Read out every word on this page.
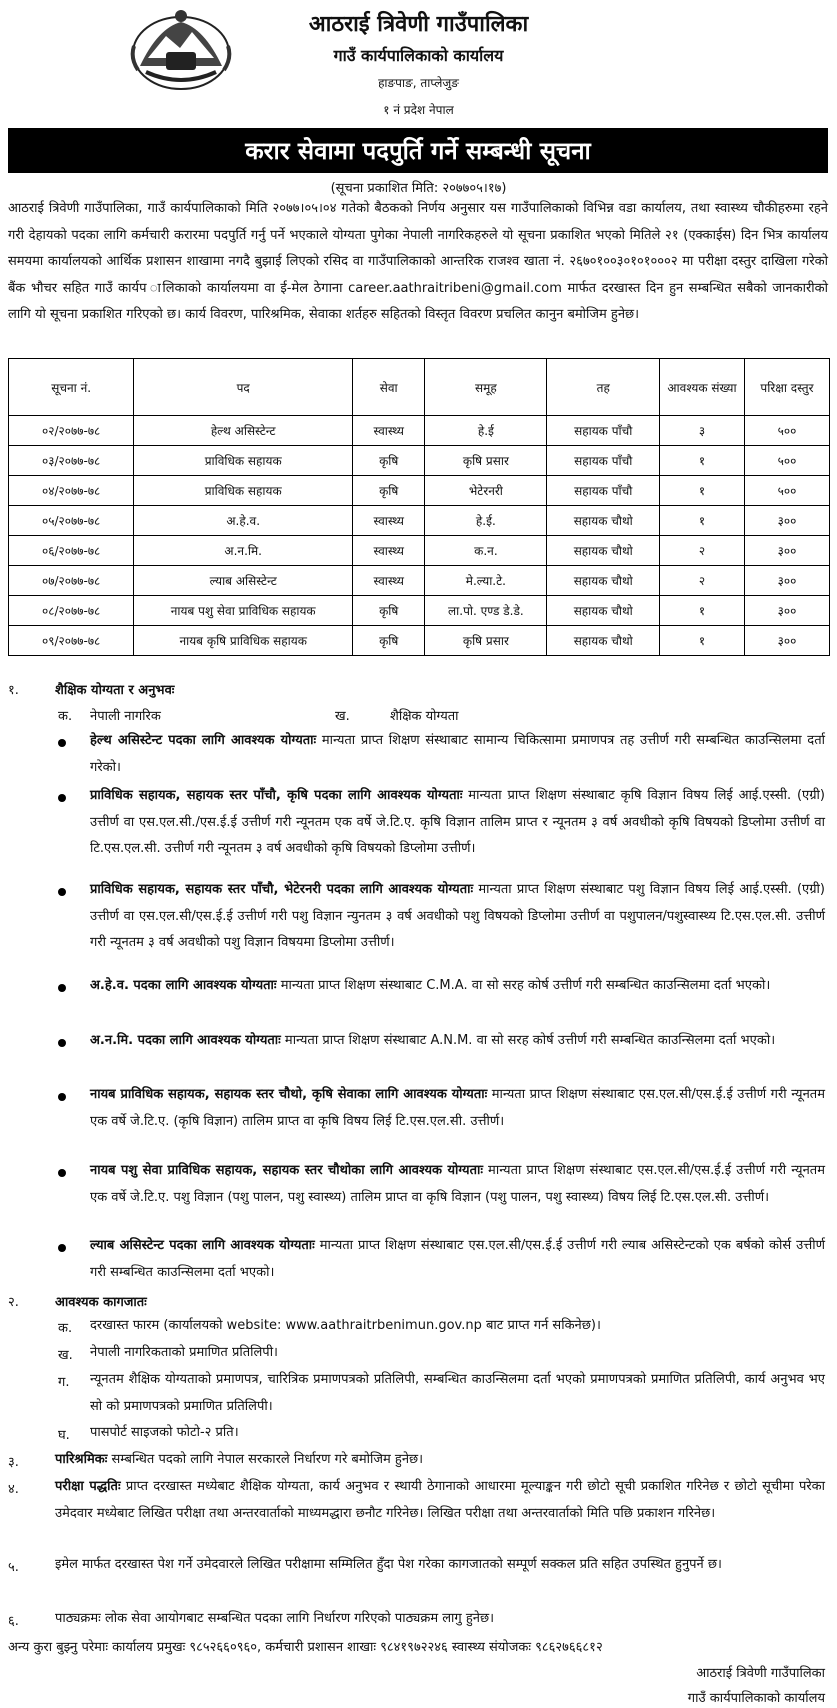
आठराई त्रिवेणी गाउँपालिका
गाउँ कार्यपालिकाको कार्यालय
हाङपाङ, ताप्लेजुङ
१ नं प्रदेश नेपाल
करार सेवामा पदपुर्ति गर्ने सम्बन्धी सूचना
(सूचना प्रकाशित मिति: २०७७०५।१७)
आठराई त्रिवेणी गाउँपालिका, गाउँ कार्यपालिकाको मिति २०७७।०५।०४ गतेको बैठकको निर्णय अनुसार यस गाउँपालिकाको विभिन्न वडा कार्यालय, तथा स्वास्थ्य चौकीहरुमा रहने गरी देहायको पदका लागि कर्मचारी करारमा पदपुर्ति गर्नु पर्ने भएकाले योग्यता पुगेका नेपाली नागरिकहरुले यो सूचना प्रकाशित भएको मितिले २१ (एक्काईस) दिन भित्र कार्यालय समयमा कार्यालयको आर्थिक प्रशासन शाखामा नगदै बुझाई लिएको रसिद वा गाउँपालिकाको आन्तरिक राजश्व खाता नं. २६७०१००३०१०१०००२ मा परीक्षा दस्तुर दाखिला गरेको बैंक भौचर सहित गाउँ कार्यप ालिकाको कार्यालयमा वा ई-मेल ठेगाना career.aathraitribeni@gmail.com मार्फत दरखास्त दिन हुन सम्बन्धित सबैको जानकारीको लागि यो सूचना प्रकाशित गरिएको छ। कार्य विवरण, पारिश्रमिक, सेवाका शर्तहरु सहितको विस्तृत विवरण प्रचलित कानुन बमोजिम हुनेछ।
सूचना नं.	पद	सेवा	समूह	तह	आवश्यक संख्या	परिक्षा दस्तुर
०२/२०७७-७८	हेल्थ असिस्टेन्ट	स्वास्थ्य	हे.ई	सहायक पाँचौ	३	५००
०३/२०७७-७८	प्राविधिक सहायक	कृषि	कृषि प्रसार	सहायक पाँचौ	१	५००
०४/२०७७-७८	प्राविधिक सहायक	कृषि	भेटेरनरी	सहायक पाँचौ	१	५००
०५/२०७७-७८	अ.हे.व.	स्वास्थ्य	हे.ई.	सहायक चौथो	१	३००
०६/२०७७-७८	अ.न.मि.	स्वास्थ्य	क.न.	सहायक चौथो	२	३००
०७/२०७७-७८	ल्याब असिस्टेन्ट	स्वास्थ्य	मे.ल्या.टे.	सहायक चौथो	२	३००
०८/२०७७-७८	नायब पशु सेवा प्राविधिक सहायक	कृषि	ला.पो. एण्ड डे.डे.	सहायक चौथो	१	३००
०९/२०७७-७८	नायब कृषि प्राविधिक सहायक	कृषि	कृषि प्रसार	सहायक चौथो	१	३००
१.	शैक्षिक योग्यता र अनुभवः
क. नेपाली नागरिक	ख.	शैक्षिक योग्यता
हेल्थ असिस्टेन्ट पदका लागि आवश्यक योग्यताः मान्यता प्राप्त शिक्षण संस्थाबाट सामान्य चिकित्सामा प्रमाणपत्र तह उत्तीर्ण गरी सम्बन्धित काउन्सिलमा दर्ता गरेको।
प्राविधिक सहायक, सहायक स्तर पाँचौ, कृषि पदका लागि आवश्यक योग्यताः मान्यता प्राप्त शिक्षण संस्थाबाट कृषि विज्ञान विषय लिई आई.एस्सी. (एग्री) उत्तीर्ण वा एस.एल.सी./एस.ई.ई उत्तीर्ण गरी न्यूनतम एक वर्षे जे.टि.ए. कृषि विज्ञान तालिम प्राप्त र न्यूनतम ३ वर्ष अवधीको कृषि विषयको डिप्लोमा उत्तीर्ण वा टि.एस.एल.सी. उत्तीर्ण गरी न्यूनतम ३ वर्ष अवधीको कृषि विषयको डिप्लोमा उत्तीर्ण।
प्राविधिक सहायक, सहायक स्तर पाँचौ, भेटेरनरी पदका लागि आवश्यक योग्यताः मान्यता प्राप्त शिक्षण संस्थाबाट पशु विज्ञान विषय लिई आई.एस्सी. (एग्री) उत्तीर्ण वा एस.एल.सी/एस.ई.ई उत्तीर्ण गरी पशु विज्ञान न्युनतम ३ वर्ष अवधीको पशु विषयको डिप्लोमा उत्तीर्ण वा पशुपालन/पशुस्वास्थ्य टि.एस.एल.सी. उत्तीर्ण गरी न्यूनतम ३ वर्ष अवधीको पशु विज्ञान विषयमा डिप्लोमा उत्तीर्ण।
अ.हे.व. पदका लागि आवश्यक योग्यताः मान्यता प्राप्त शिक्षण संस्थाबाट C.M.A. वा सो सरह कोर्ष उत्तीर्ण गरी सम्बन्धित काउन्सिलमा दर्ता भएको।
अ.न.मि. पदका लागि आवश्यक योग्यताः मान्यता प्राप्त शिक्षण संस्थाबाट A.N.M. वा सो सरह कोर्ष उत्तीर्ण गरी सम्बन्धित काउन्सिलमा दर्ता भएको।
नायब प्राविधिक सहायक, सहायक स्तर चौथो, कृषि सेवाका लागि आवश्यक योग्यताः मान्यता प्राप्त शिक्षण संस्थाबाट एस.एल.सी/एस.ई.ई उत्तीर्ण गरी न्यूनतम एक वर्षे जे.टि.ए. (कृषि विज्ञान) तालिम प्राप्त वा कृषि विषय लिई टि.एस.एल.सी. उत्तीर्ण।
नायब पशु सेवा प्राविधिक सहायक, सहायक स्तर चौथोका लागि आवश्यक योग्यताः मान्यता प्राप्त शिक्षण संस्थाबाट एस.एल.सी/एस.ई.ई उत्तीर्ण गरी न्यूनतम एक वर्षे जे.टि.ए. पशु विज्ञान (पशु पालन, पशु स्वास्थ्य) तालिम प्राप्त वा कृषि विज्ञान (पशु पालन, पशु स्वास्थ्य) विषय लिई टि.एस.एल.सी. उत्तीर्ण।
ल्याब असिस्टेन्ट पदका लागि आवश्यक योग्यताः मान्यता प्राप्त शिक्षण संस्थाबाट एस.एल.सी/एस.ई.ई उत्तीर्ण गरी ल्याब असिस्टेन्टको एक बर्षको कोर्स उत्तीर्ण गरी सम्बन्धित काउन्सिलमा दर्ता भएको।
२.	आवश्यक कागजातः
क. दरखास्त फारम (कार्यालयको website: www.aathraitrbenimun.gov.np बाट प्राप्त गर्न सकिनेछ)।
ख. नेपाली नागरिकताको प्रमाणित प्रतिलिपी।
ग. न्यूनतम शैक्षिक योग्यताको प्रमाणपत्र, चारित्रिक प्रमाणपत्रको प्रतिलिपी, सम्बन्धित काउन्सिलमा दर्ता भएको प्रमाणपत्रको प्रमाणित प्रतिलिपी, कार्य अनुभव भए सो को प्रमाणपत्रको प्रमाणित प्रतिलिपी।
घ. पासपोर्ट साइजको फोटो-२ प्रति।
३.	पारिश्रमिकः सम्बन्धित पदको लागि नेपाल सरकारले निर्धारण गरे बमोजिम हुनेछ।
४.	परीक्षा पद्धतिः प्राप्त दरखास्त मध्येबाट शैक्षिक योग्यता, कार्य अनुभव र स्थायी ठेगानाको आधारमा मूल्याङ्कन गरी छोटो सूची प्रकाशित गरिनेछ र छोटो सूचीमा परेका उमेदवार मध्येबाट लिखित परीक्षा तथा अन्तरवार्ताको माध्यमद्धारा छनौट गरिनेछ। लिखित परीक्षा तथा अन्तरवार्ताको मिति पछि प्रकाशन गरिनेछ।
५.	इमेल मार्फत दरखास्त पेश गर्ने उमेदवारले लिखित परीक्षामा सम्मिलित हुँदा पेश गरेका कागजातको सम्पूर्ण सक्कल प्रति सहित उपस्थित हुनुपर्ने छ।
६.	पाठ्यक्रमः लोक सेवा आयोगबाट सम्बन्धित पदका लागि निर्धारण गरिएको पाठ्यक्रम लागु हुनेछ।
अन्य कुरा बुझ्नु परेमाः कार्यालय प्रमुखः ९८५२६६०९६०, कर्मचारी प्रशासन शाखाः ९८४१९७२२४६ स्वास्थ्य संयोजकः ९८६२७६६८१२
आठराई त्रिवेणी गाउँपालिका
गाउँ कार्यपालिकाको कार्यालय
